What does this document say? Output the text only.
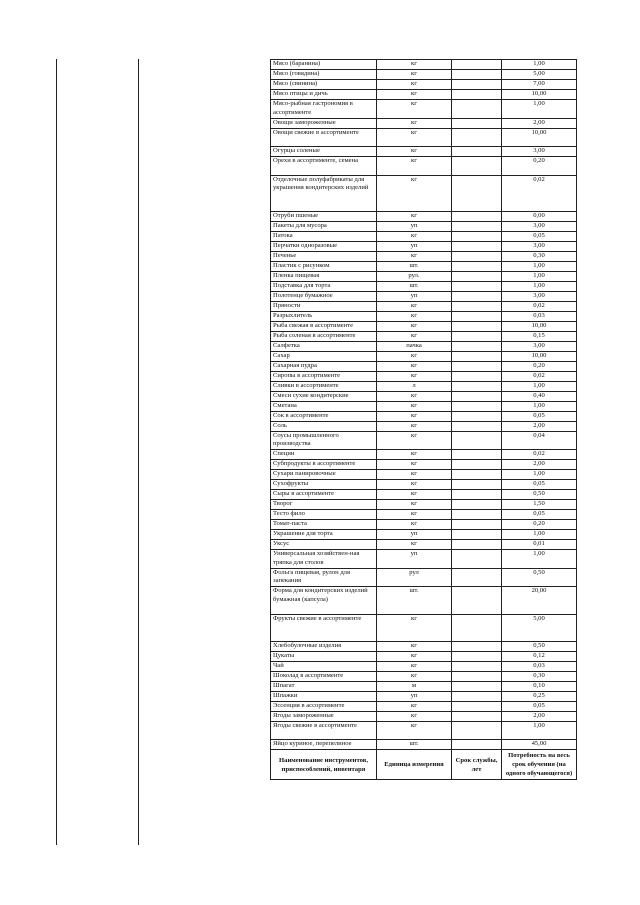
Мясо (баранина)	кг		1,00
Мясо (говядина)	кг		5,00
Мясо (свинина)	кг		7,00
Мясо птицы и дичь	кг		10,00
Мясо-рыбная гастрономия в ассортименте	кг		1,00
Овощи замороженные	кг		2,00
Овощи свежие в ассортименте	кг		10,00
Огурцы соленые	кг		3,00
Орехи в ассортименте, семена	кг		0,20
Отделочные полуфабрикаты для украшения кондитерских изделий	кг		0,02
Отруби пшеные	кг		0,00
Пакеты для мусора	уп		3,00
Патока	кг		0,05
Перчатки одноразовые	уп		3,00
Печенье	кг		0,30
Пластик с рисунком	шт.		1,00
Пленка пищевая	рул.		1,00
Подставка для торта	шт.		1,00
Полотенце бумажное	уп		3,00
Пряности	кг		0,02
Разрыхлитель	кг		0,03
Рыба свежая в ассортименте	кг		10,00
Рыба соленая в ассортименте	кг		0,15
Салфетка	пачка		3,00
Сахар	кг		10,00
Сахарная пудра	кг		0,20
Сиропы в ассортименте	кг		0,02
Сливки в ассортименте	л		1,00
Смеси сухие кондитерские	кг		0,40
Сметана	кг		1,00
Сок в ассортименте	кг		0,05
Соль	кг		2,00
Соусы промышленного производства	кг		0,04
Специи	кг		0,02
Субпродукты в ассортименте	кг		2,00
Сухари панировочные	кг		1,00
Сухофрукты	кг		0,05
Сыры в ассортименте	кг		0,50
Творог	кг		1,50
Тесто фило	кг		0,05
Томат-паста	кг		0,20
Украшение для торта	уп		1,00
Уксус	кг		0,01
Универсальная хозяйствен-ная тряпка для столов	уп		1,00
Фольга пищевая, рулон для запекания	рул		0,50
Форма для кондитерских изделий бумажная (капсула)	шт.		20,00
Фрукты свежие в ассортименте	кг		5,00
Хлебобулочные изделия	кг		0,50
Цукаты	кг		0,12
Чай	кг		0,03
Шоколад в ассортименте	кг		0,30
Шпагат	м		0,10
Шпажки	уп		0,25
Эссенция в ассортименте	кг		0,05
Ягоды замороженные	кг		2,00
Ягоды свежие в ассортименте	кг		1,00
Яйцо куриное, перепелиное	шт.		45,00
Наименование инструментов, приспособлений, инвентаря	Единица измерения	Срок службы, лет	Потребность на весь срок обучения (на одного обучающегося)
